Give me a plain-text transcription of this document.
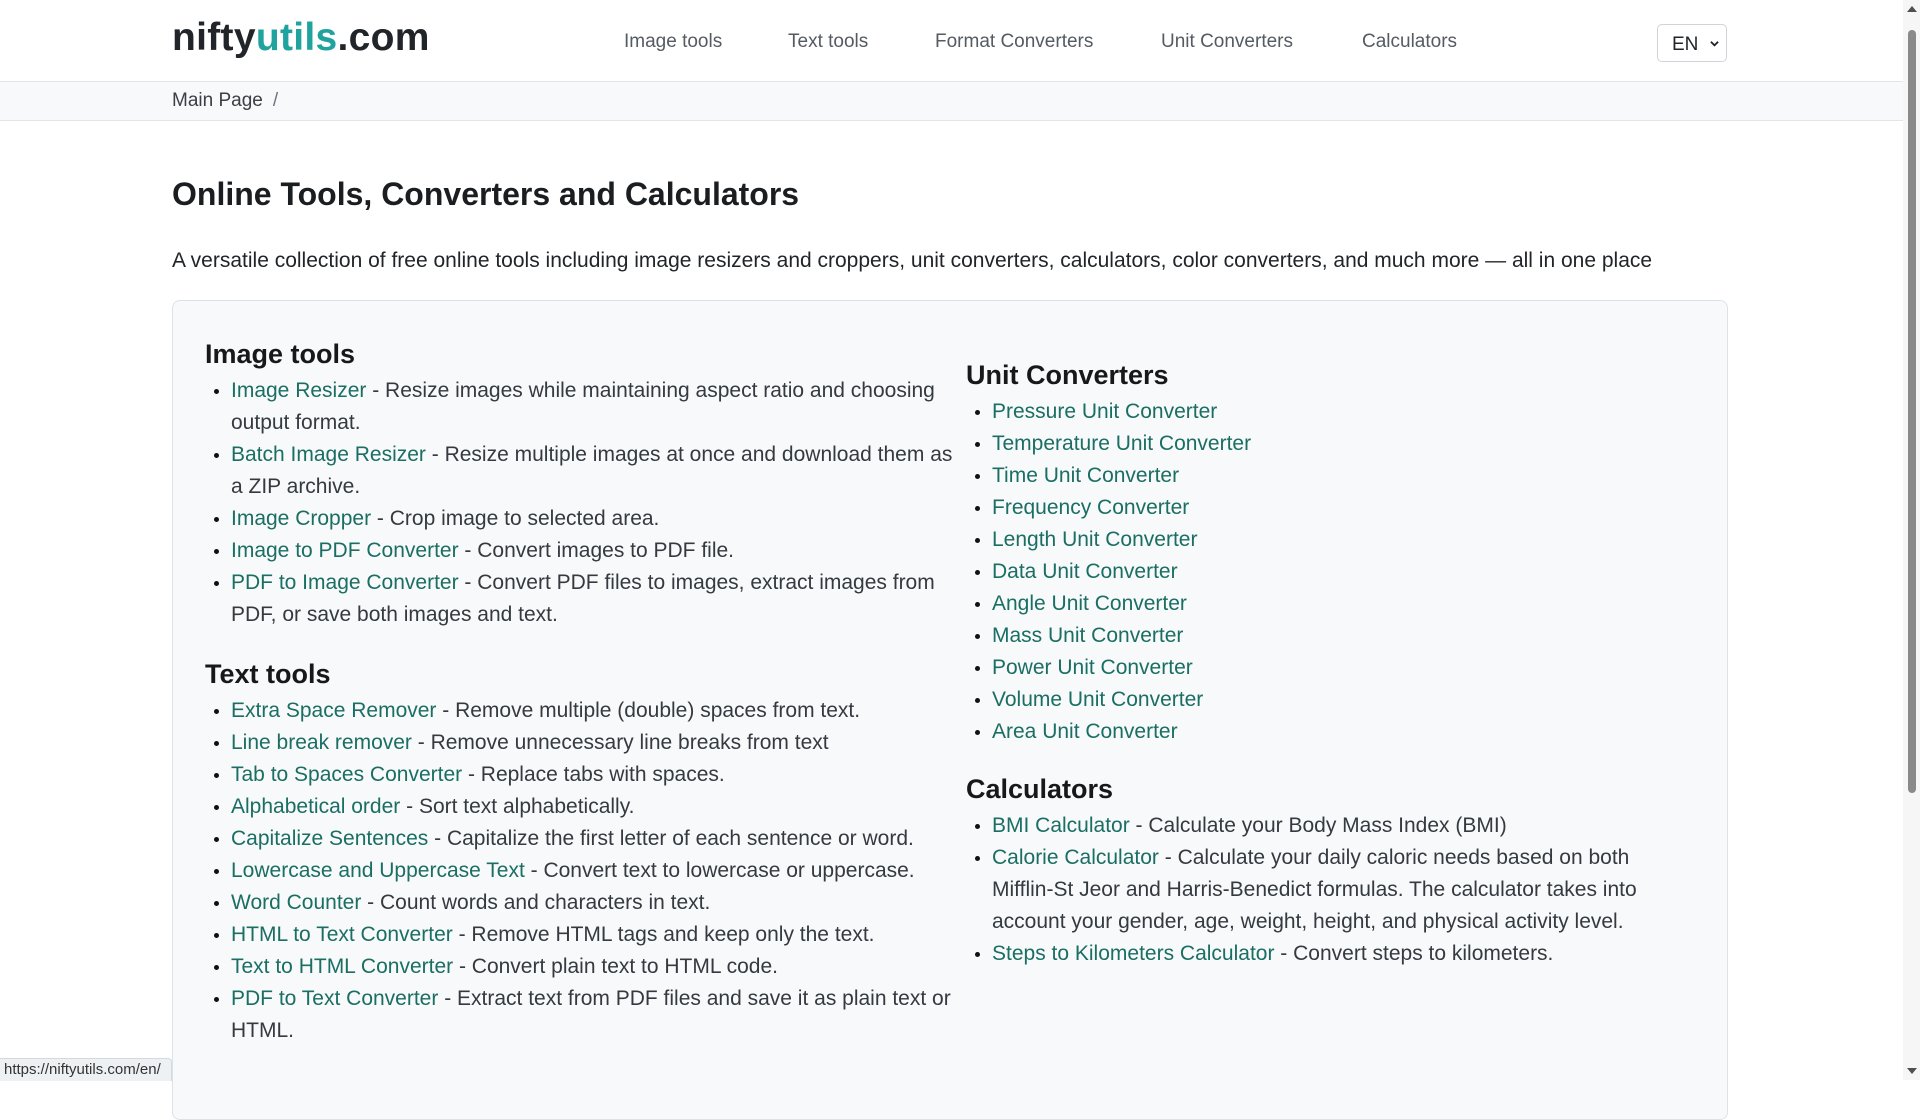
niftyutils.com	Image tools	Text tools	Format Converters	Unit Converters	Calculators	EN
Main Page /
Online Tools, Converters and Calculators

A versatile collection of free online tools including image resizers and croppers, unit converters, calculators, color converters, and much more — all in one place

Image tools
• Image Resizer - Resize images while maintaining aspect ratio and choosing output format.
• Batch Image Resizer - Resize multiple images at once and download them as a ZIP archive.
• Image Cropper - Crop image to selected area.
• Image to PDF Converter - Convert images to PDF file.
• PDF to Image Converter - Convert PDF files to images, extract images from PDF, or save both images and text.
Text tools
• Extra Space Remover - Remove multiple (double) spaces from text.
• Line break remover - Remove unnecessary line breaks from text
• Tab to Spaces Converter - Replace tabs with spaces.
• Alphabetical order - Sort text alphabetically.
• Capitalize Sentences - Capitalize the first letter of each sentence or word.
• Lowercase and Uppercase Text - Convert text to lowercase or uppercase.
• Word Counter - Count words and characters in text.
• HTML to Text Converter - Remove HTML tags and keep only the text.
• Text to HTML Converter - Convert plain text to HTML code.
• PDF to Text Converter - Extract text from PDF files and save it as plain text or HTML.
Unit Converters
• Pressure Unit Converter
• Temperature Unit Converter
• Time Unit Converter
• Frequency Converter
• Length Unit Converter
• Data Unit Converter
• Angle Unit Converter
• Mass Unit Converter
• Power Unit Converter
• Volume Unit Converter
• Area Unit Converter
Calculators
• BMI Calculator - Calculate your Body Mass Index (BMI)
• Calorie Calculator - Calculate your daily caloric needs based on both Mifflin-St Jeor and Harris-Benedict formulas. The calculator takes into account your gender, age, weight, height, and physical activity level.
• Steps to Kilometers Calculator - Convert steps to kilometers.
https://niftyutils.com/en/
